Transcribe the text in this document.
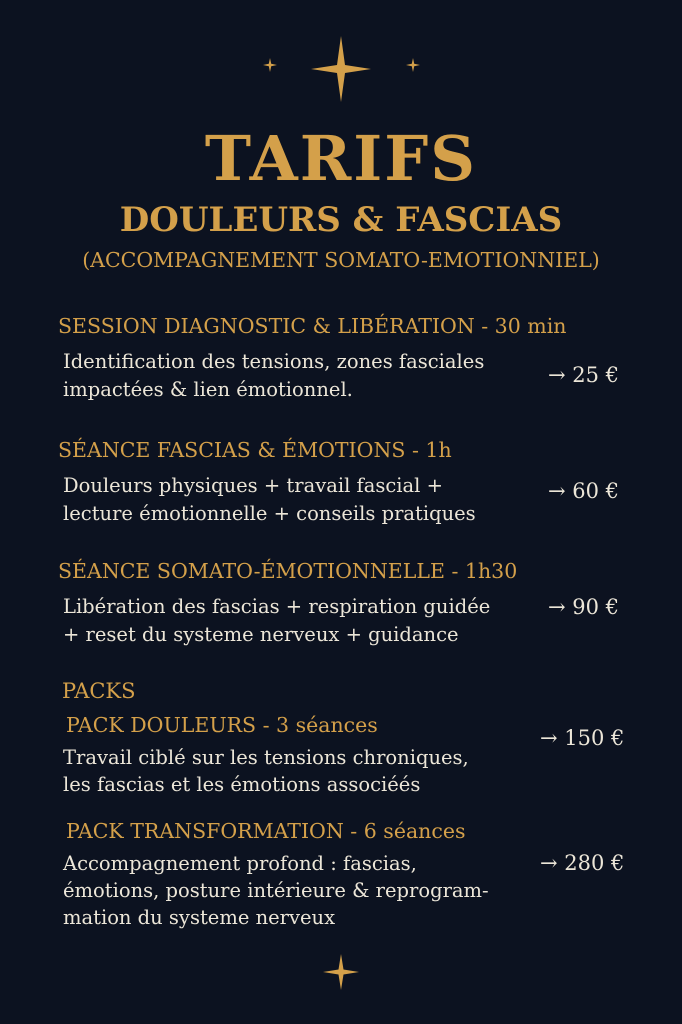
TARIFS
DOULEURS & FASCIAS
(ACCOMPAGNEMENT SOMATO-EMOTIONNIEL)
SESSION DIAGNOSTIC & LIBÉRATION - 30 min
Identification des tensions, zones fasciales
impactées & lien émotionnel.
→ 25 €
SÉANCE FASCIAS & ÉMOTIONS - 1h
Douleurs physiques + travail fascial +
lecture émotionnelle + conseils pratiques
→ 60 €
SÉANCE SOMATO-ÉMOTIONNELLE - 1h30
Libération des fascias + respiration guidée
+ reset du systeme nerveux + guidance
→ 90 €
PACKS
PACK DOULEURS - 3 séances
Travail ciblé sur les tensions chroniques,
les fascias et les émotions associéés
→ 150 €
PACK TRANSFORMATION - 6 séances
Accompagnement profond : fascias,
émotions, posture intérieure & reprogram-
mation du systeme nerveux
→ 280 €
